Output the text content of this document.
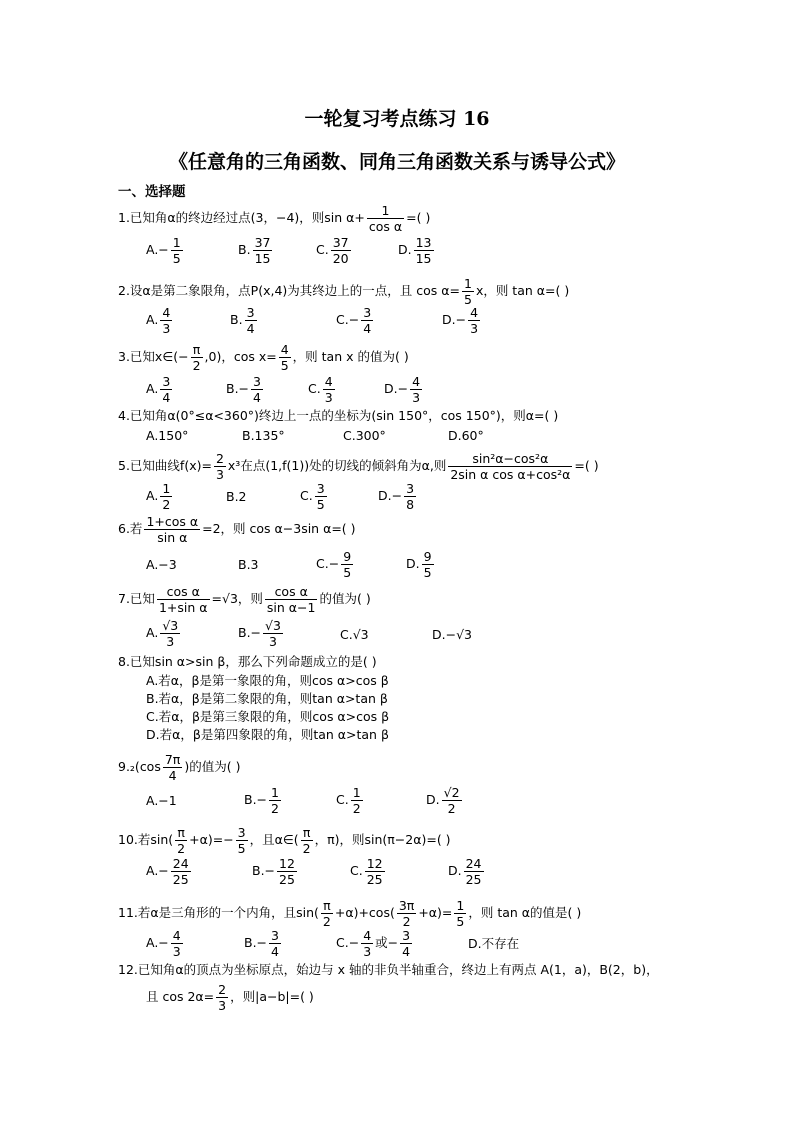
一轮复习考点练习 16
《任意角的三角函数、同角三角函数关系与诱导公式》
一、选择题
1.已知角α的终边经过点(3，−4)，则$\sin \alpha+ \frac{1}{\text{cos α}}$ =( )
$A.- \frac{1}{5}$	B. $\frac{37}{15}$	C. $\frac{37}{20}$	D. $\frac{13}{15}$
2.设α是第二象限角，点P(x,4)为其终边上的一点，且 $\cos \alpha= \frac{1}{5}$ x，则 tan α=( )
A. $\frac{4}{3}$	B. $\frac{3}{4}$	$C.- \frac{3}{4}$	$D.- \frac{4}{3}$
3.已知x∈(− $\frac{\pi}{2} ,0$)，$\cos x= \frac{4}{5}$ ，则 tan x 的值为( )
A. $\frac{3}{4}$	$B.- \frac{3}{4}$	C. $\frac{4}{3}$	$D.- \frac{4}{3}$
4.已知角α(0°≤α<360°)终边上一点的坐标为(sin 150°，cos 150°)，则α=( )
A.150°	B.135°	C.300°	D.60°
5.已知曲线$f(x)= \frac{2}{3} x^3$在点(1,f(1))处的切线的倾斜角为α,则 $\frac{\text{sin²α−cos²α}}{\text{2sin α cos α+cos²α}}$ =( )
A. $\frac{1}{2}$	B.2	C. $\frac{3}{5}$	$D.- \frac{3}{8}$
6.若 $\frac{\text{1+cos α}}{\text{sin α}} =2$，则 cos α−3sin α=( )
A.−3	B.3	$C.- \frac{9}{5}$	D. $\frac{9}{5}$
7.已知 $\frac{\text{cos α}}{\text{1+sin α}} =√3$，则 $\frac{\text{cos α}}{\text{sin α−1}}$ 的值为( )
A. $\frac{√3}{3}$	$B.- \frac{√3}{3}$	C.√3	D.−√3
8.已知sin α>sin β，那么下列命题成立的是( )
A.若α，β是第一象限的角，则cos α>cos β
B.若α，β是第二象限的角，则tan α>tan β
C.若α，β是第三象限的角，则cos α>cos β
D.若α，β是第四象限的角，则tan α>tan β
$9._2(\cos \frac{7\pi}{4}$ )的值为( )
A.−1	$B.- \frac{1}{2}$	C. $\frac{1}{2}$	D. $\frac{√2}{2}$
10.若$\sin( \frac{\pi}{2} +\alpha)=- \frac{3}{5}$ ，且α∈( $\frac{\pi}{2}$ ，π)，则sin(π−2α)=( )
$A.- \frac{24}{25}$	$B.- \frac{12}{25}$	C. $\frac{12}{25}$	D. $\frac{24}{25}$
11.若α是三角形的一个内角，且$\sin( \frac{\pi}{2} +\alpha)+\cos( \frac{3\pi}{2} +\alpha)= \frac{1}{5}$ ，则 tan α的值是( )
$A.- \frac{4}{3}$	$B.- \frac{3}{4}$	$C.- \frac{4}{3}$ 或− $\frac{3}{4}$	D.不存在
12.已知角α的顶点为坐标原点，始边与 x 轴的非负半轴重合，终边上有两点 A(1，a)，B(2，b)，
且 $\cos 2\alpha= \frac{2}{3}$ ，则|a−b|=( )
